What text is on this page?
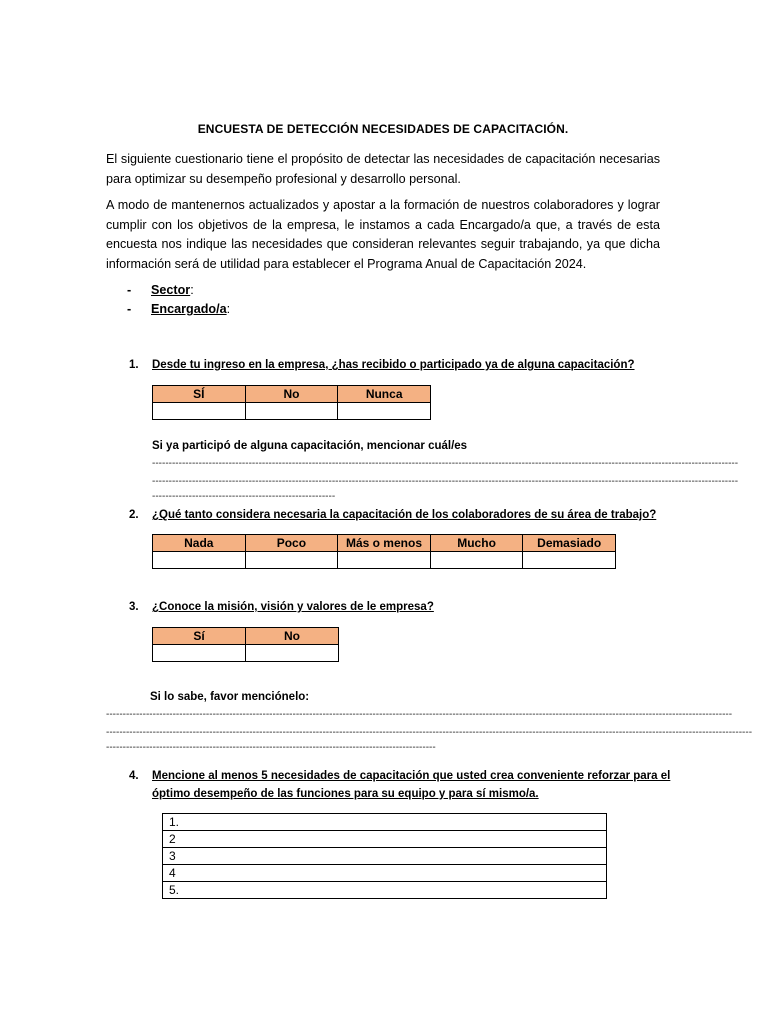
ENCUESTA DE DETECCIÓN NECESIDADES DE CAPACITACIÓN.
El siguiente cuestionario tiene el propósito de detectar las necesidades de capacitación necesarias para optimizar su desempeño profesional y desarrollo personal.
A modo de mantenernos actualizados y apostar a la formación de nuestros colaboradores y lograr cumplir con los objetivos de la empresa, le instamos a cada Encargado/a que, a través de esta encuesta nos indique las necesidades que consideran relevantes seguir trabajando, ya que dicha información será de utilidad para establecer el Programa Anual de Capacitación 2024.
- Sector:
- Encargado/a:
1. Desde tu ingreso en la empresa, ¿has recibido o participado ya de alguna capacitación?
SÍ	No	Nunca

Si ya participó de alguna capacitación, mencionar cuál/es
--------------------------------------------------------------------------------------------------------------------------------------------------------------------------------
--------------------------------------------------------------------------------------------------------------------------------------------------------------------------------
-------------------------------------------------------
2. ¿Qué tanto considera necesaria la capacitación de los colaboradores de su área de trabajo?
Nada	Poco	Más o menos	Mucho	Demasiado

3. ¿Conoce la misión, visión y valores de le empresa?
Sí	No

Si lo sabe, favor menciónelo:
--------------------------------------------------------------------------------------------------------------------------------------------------------------------------------------------
--------------------------------------------------------------------------------------------------------------------------------------------------------------------------------------------------
---------------------------------------------------------------------------------------------------
4. Mencione al menos 5 necesidades de capacitación que usted crea conveniente reforzar para el
óptimo desempeño de las funciones para su equipo y para sí mismo/a.
1.
2
3
4
5.
